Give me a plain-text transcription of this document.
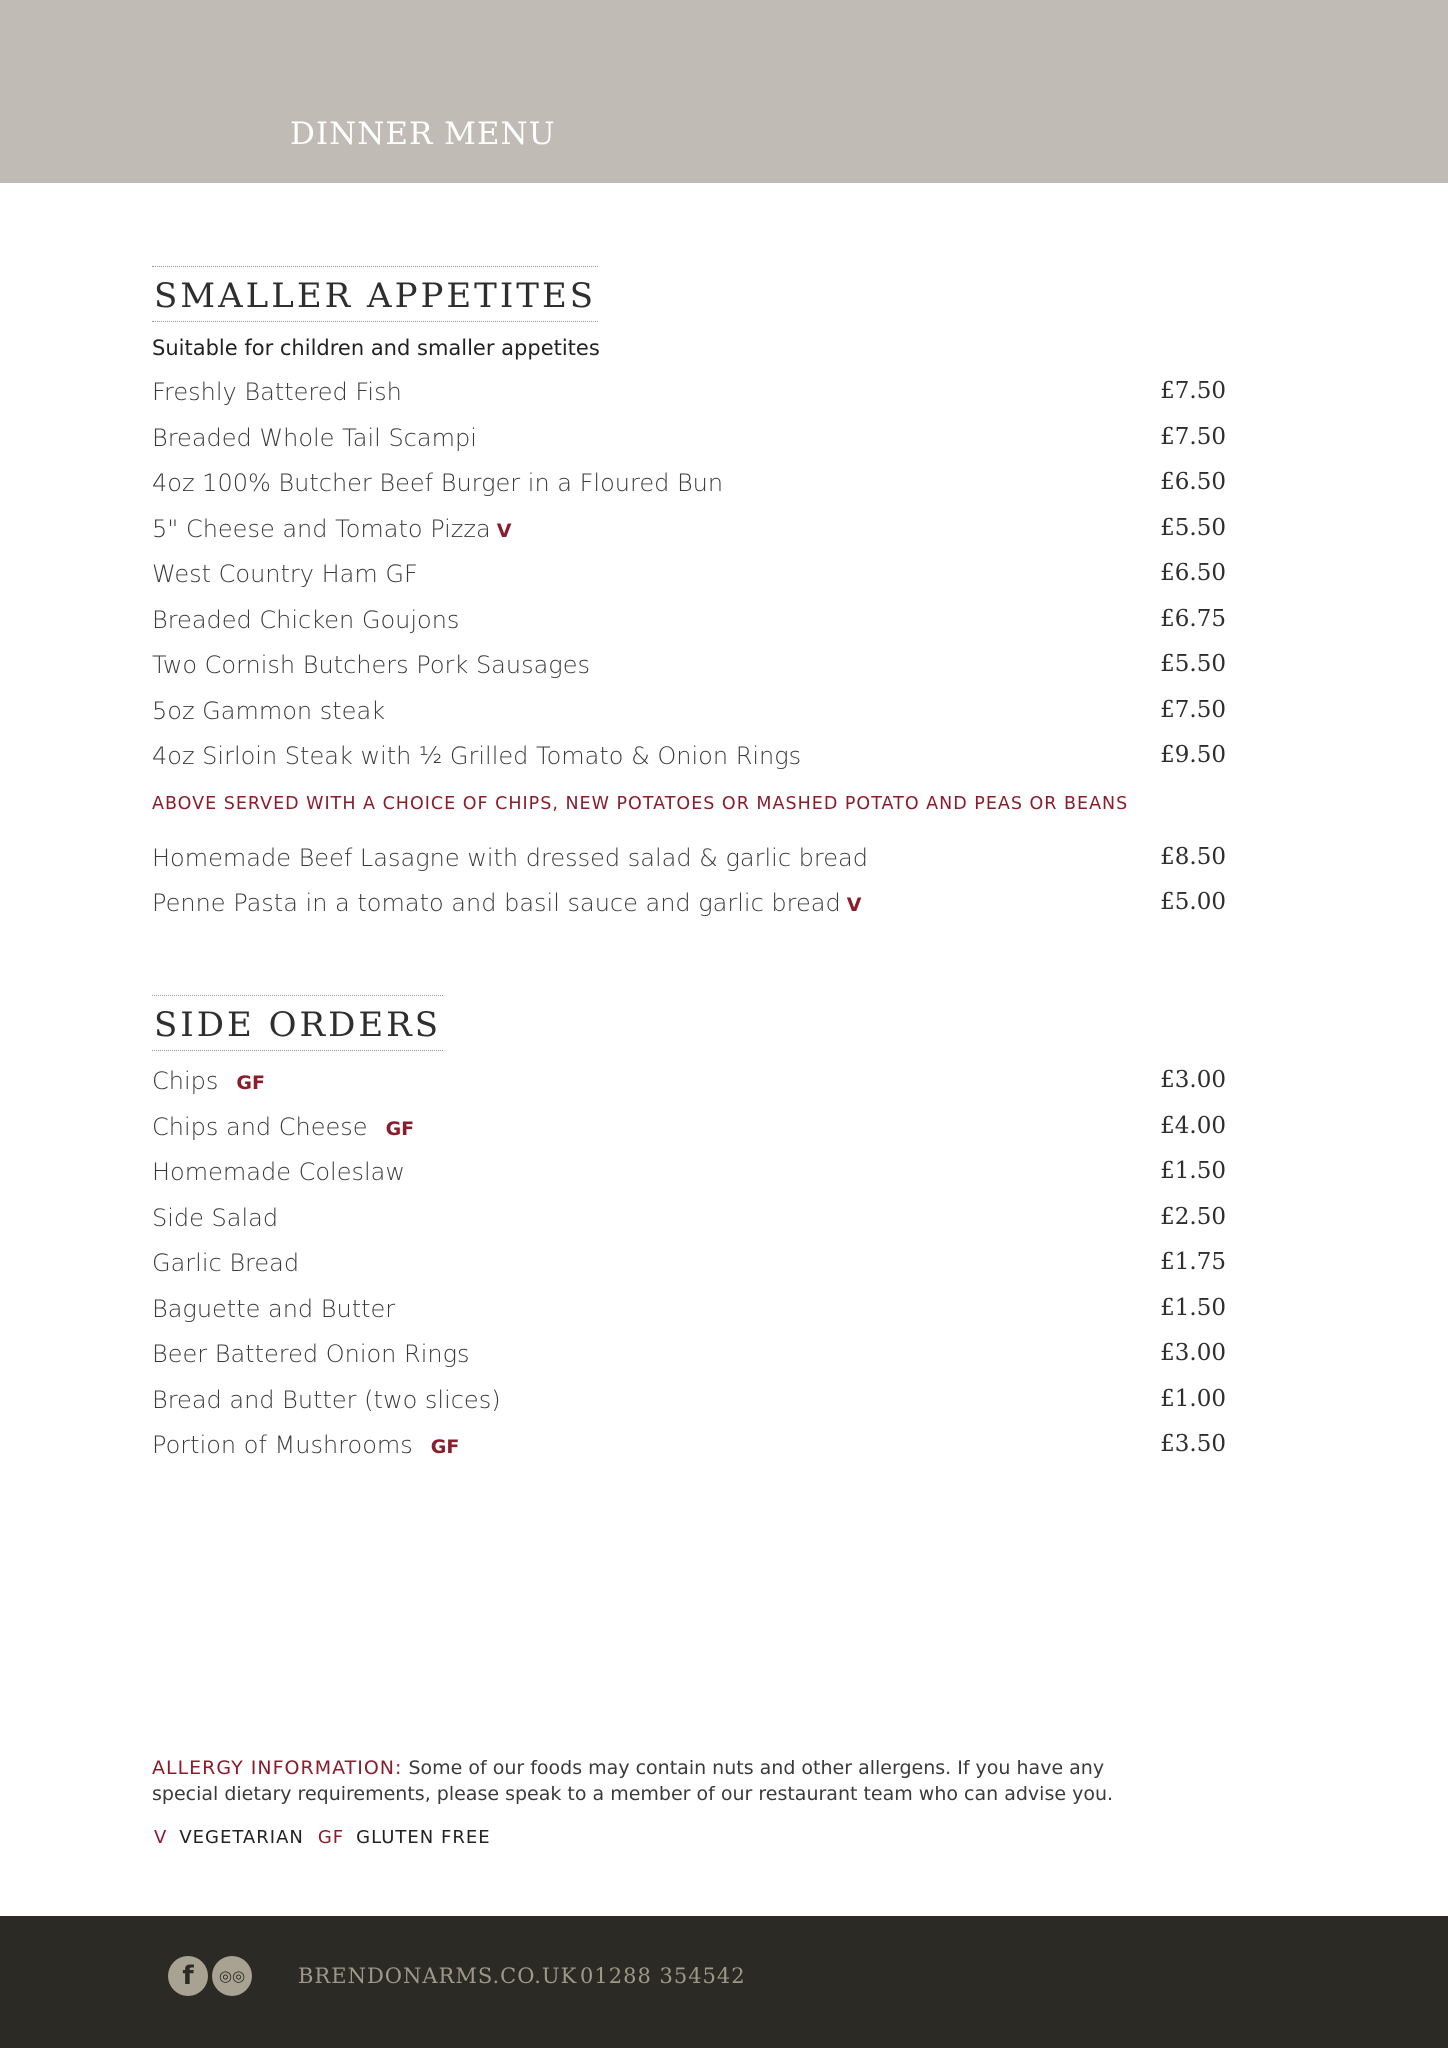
DINNER MENU
SMALLER APPETITES
Suitable for children and smaller appetites
Freshly Battered Fish	£7.50
Breaded Whole Tail Scampi	£7.50
4oz 100% Butcher Beef Burger in a Floured Bun	£6.50
5" Cheese and Tomato Pizza V	£5.50
West Country Ham GF	£6.50
Breaded Chicken Goujons	£6.75
Two Cornish Butchers Pork Sausages	£5.50
5oz Gammon steak	£7.50
4oz Sirloin Steak with ½ Grilled Tomato & Onion Rings	£9.50
ABOVE SERVED WITH A CHOICE OF CHIPS, NEW POTATOES OR MASHED POTATO AND PEAS OR BEANS
Homemade Beef Lasagne with dressed salad & garlic bread	£8.50
Penne Pasta in a tomato and basil sauce and garlic bread V	£5.00
SIDE ORDERS
Chips GF	£3.00
Chips and Cheese GF	£4.00
Homemade Coleslaw	£1.50
Side Salad	£2.50
Garlic Bread	£1.75
Baguette and Butter	£1.50
Beer Battered Onion Rings	£3.00
Bread and Butter (two slices)	£1.00
Portion of Mushrooms GF	£3.50
ALLERGY INFORMATION: Some of our foods may contain nuts and other allergens. If you have any special dietary requirements, please speak to a member of our restaurant team who can advise you.
V VEGETARIAN GF GLUTEN FREE
f ◎◎	BRENDONARMS.CO.UK 01288 354542
